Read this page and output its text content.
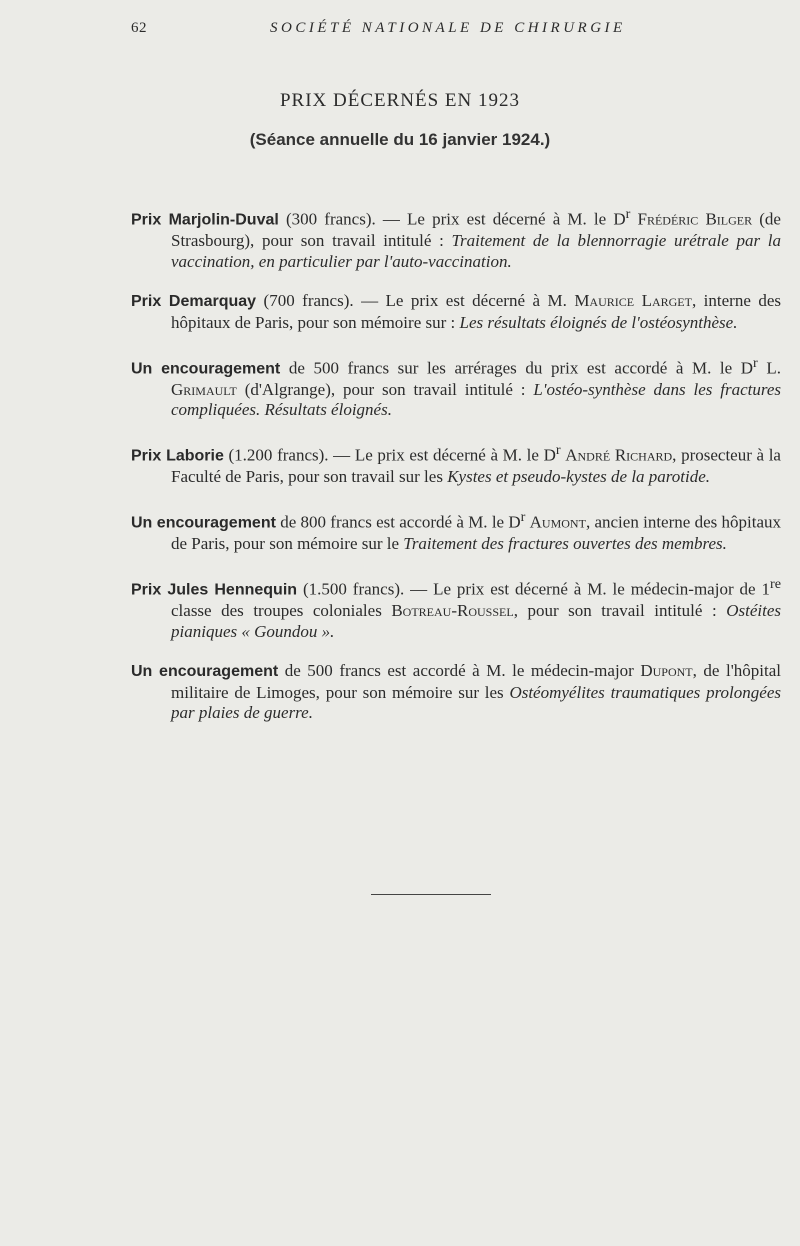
62	SOCIÉTÉ NATIONALE DE CHIRURGIE
PRIX DÉCERNÉS EN 1923
(Séance annuelle du 16 janvier 1924.)

Prix Marjolin-Duval (300 francs). — Le prix est décerné à M. le $D^r$ Frédéric Bilger (de Strasbourg), pour son travail intitulé : Traitement de la blennorragie urétrale par la vaccination, en particulier par l'auto-vaccination.

Prix Demarquay (700 francs). — Le prix est décerné à M. Maurice Larget, interne des hôpitaux de Paris, pour son mémoire sur : Les résultats éloignés de l'ostéosynthèse.

Un encouragement de 500 francs sur les arrérages du prix est accordé à M. le $D^r$ L. Grimault (d'Algrange), pour son travail intitulé : L'ostéo-synthèse dans les fractures compliquées. Résultats éloignés.

Prix Laborie (1.200 francs). — Le prix est décerné à M. le $D^r$ André Richard, prosecteur à la Faculté de Paris, pour son travail sur les Kystes et pseudo-kystes de la parotide.

Un encouragement de 800 francs est accordé à M. le $D^r$ Aumont, ancien interne des hôpitaux de Paris, pour son mémoire sur le Traitement des fractures ouvertes des membres.

Prix Jules Hennequin (1.500 francs). — Le prix est décerné à M. le médecin-major de 1re classe des troupes coloniales Botreau-Roussel, pour son travail intitulé : Ostéites pianiques « Goundou ».

Un encouragement de 500 francs est accordé à M. le médecin-major Dupont, de l'hôpital militaire de Limoges, pour son mémoire sur les Ostéomyélites traumatiques prolongées par plaies de guerre.
